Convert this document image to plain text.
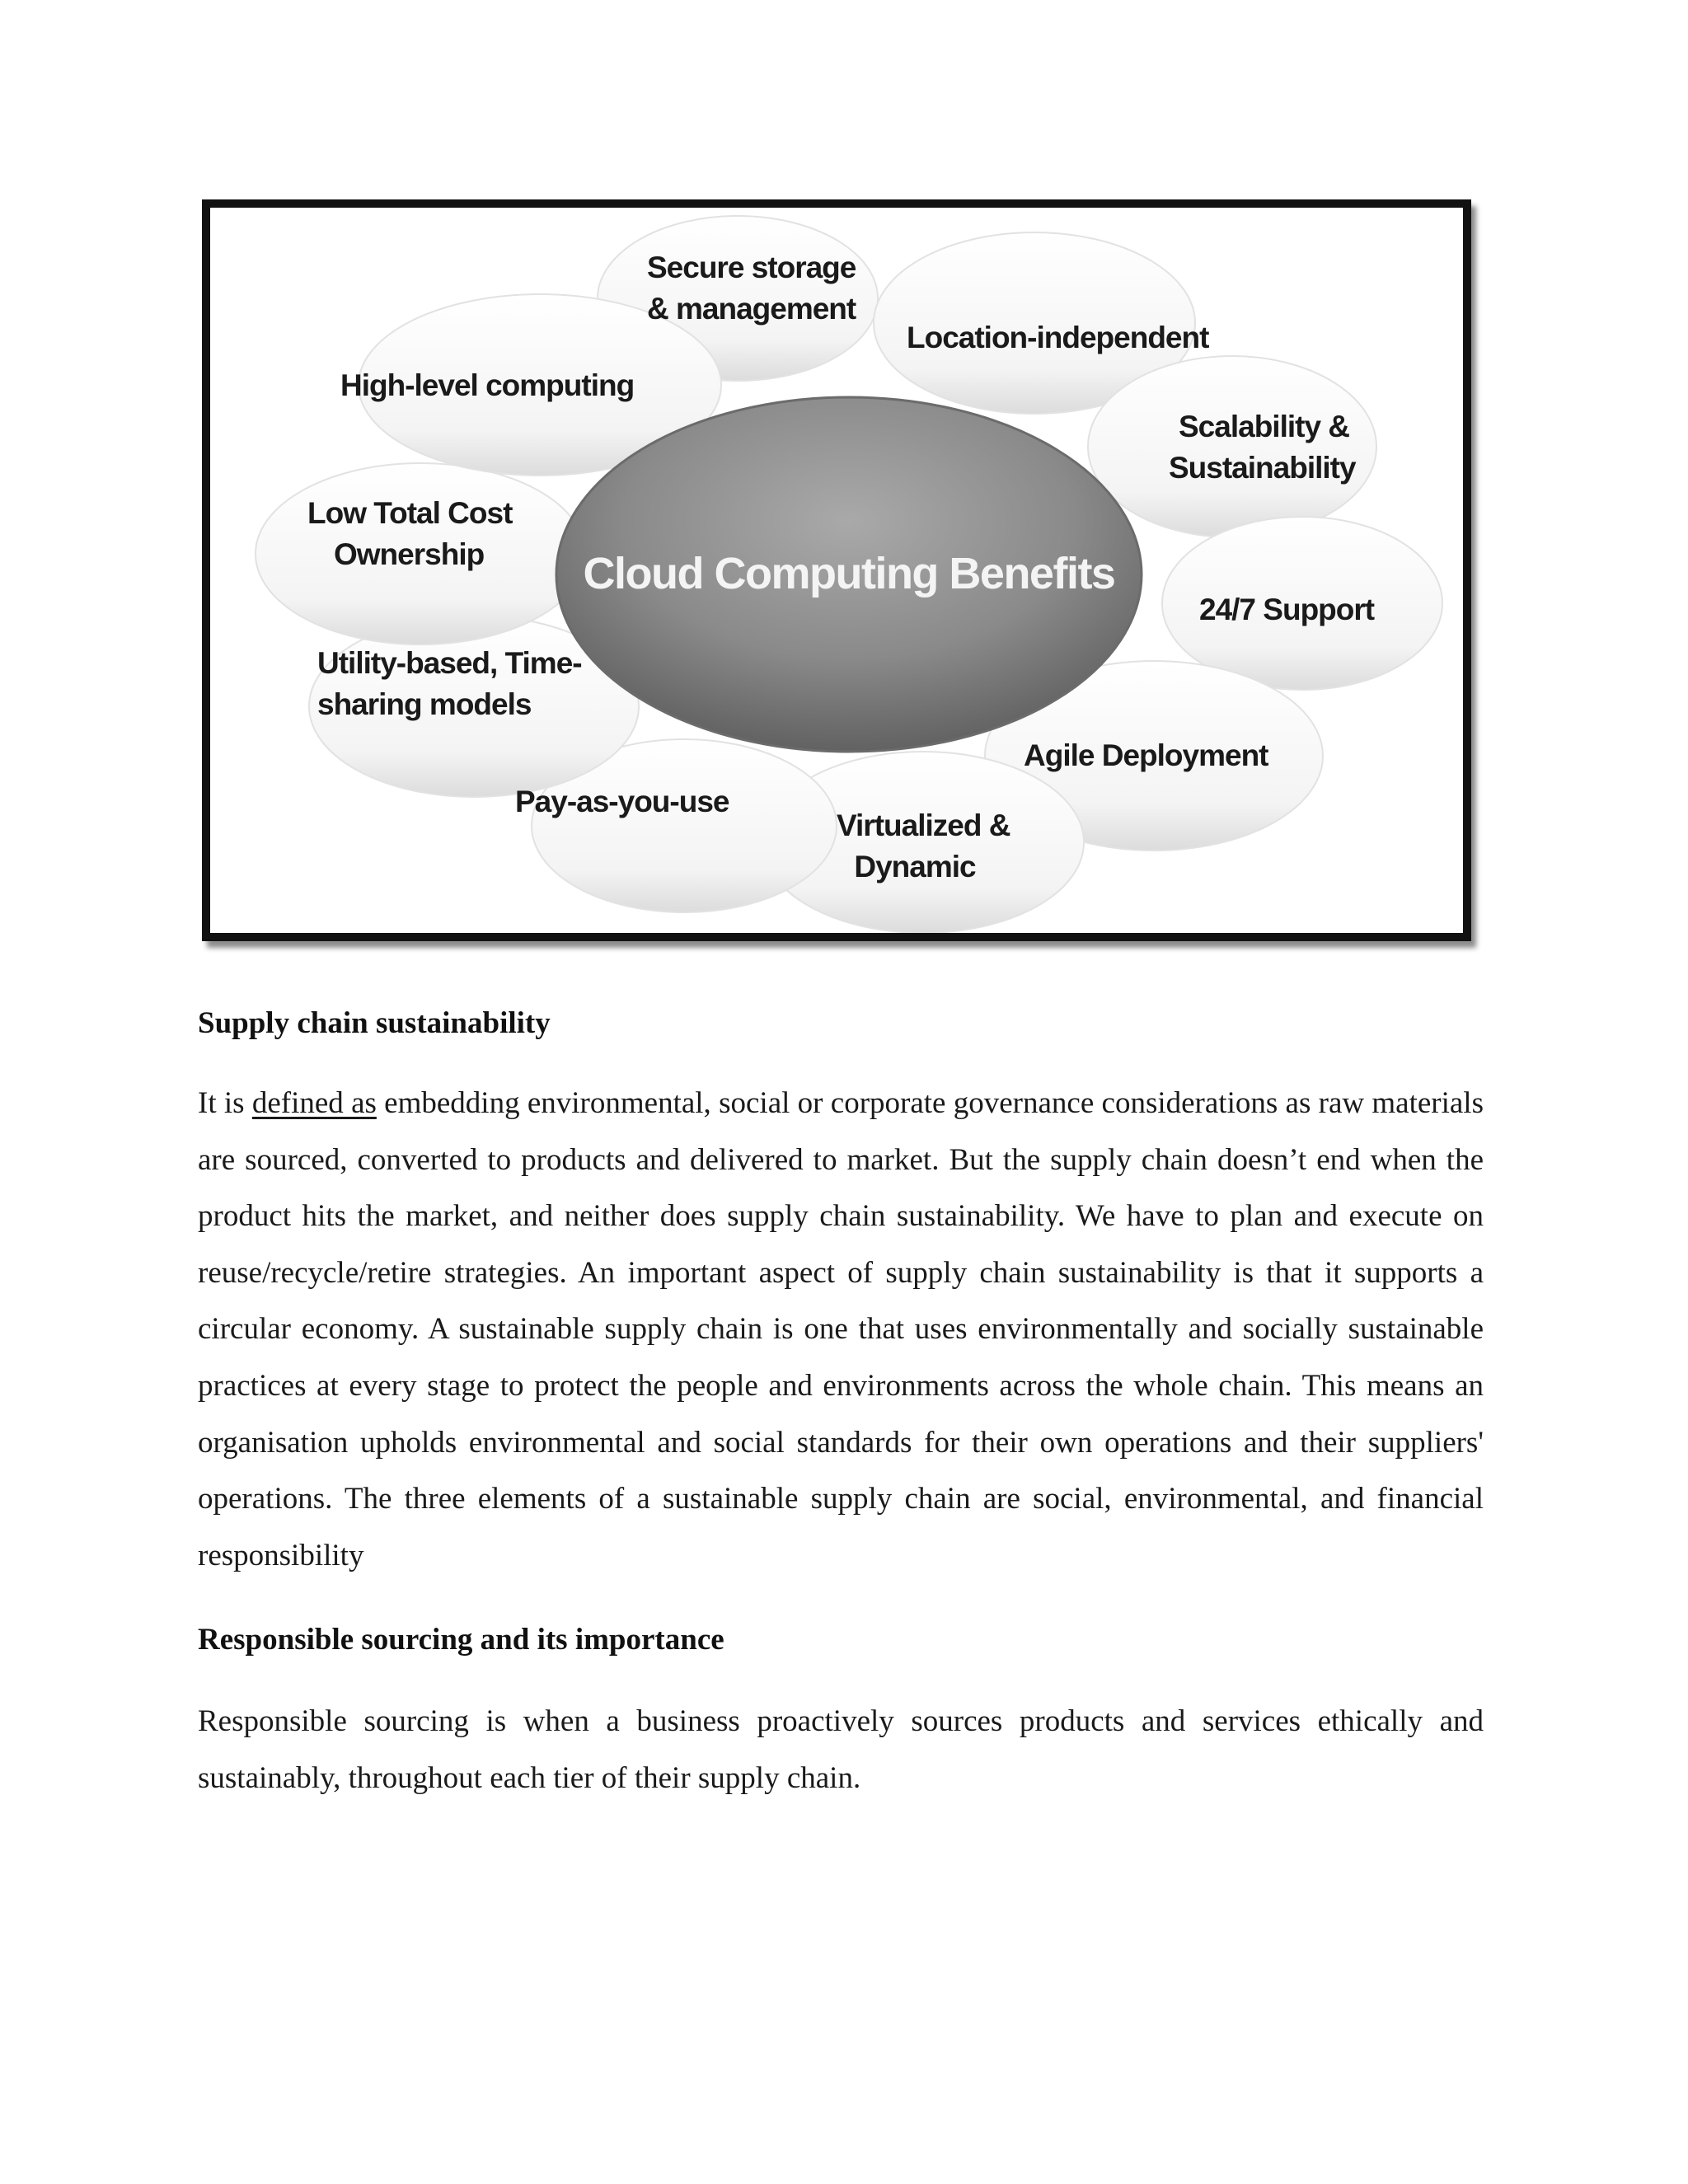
Cloud Computing Benefits
Secure storage
& management
Location-independent
Scalability &
Sustainability
24/7 Support
Agile Deployment
Virtualized &
Dynamic
Pay-as-you-use
Utility-based, Time-
sharing models
Low Total Cost
Ownership
High-level computing
Supply chain sustainability

It is defined as embedding environmental, social or corporate governance considerations as raw materials are sourced, converted to products and delivered to market. But the supply chain doesn’t end when the product hits the market, and neither does supply chain sustainability. We have to plan and execute on reuse/recycle/retire strategies. An important aspect of supply chain sustainability is that it supports a circular economy. A sustainable supply chain is one that uses environmentally and socially sustainable practices at every stage to protect the people and environments across the whole chain. This means an organisation upholds environmental and social standards for their own operations and their suppliers' operations. The three elements of a sustainable supply chain are social, environmental, and financial responsibility

Responsible sourcing and its importance

Responsible sourcing is when a business proactively sources products and services ethically and sustainably, throughout each tier of their supply chain.
